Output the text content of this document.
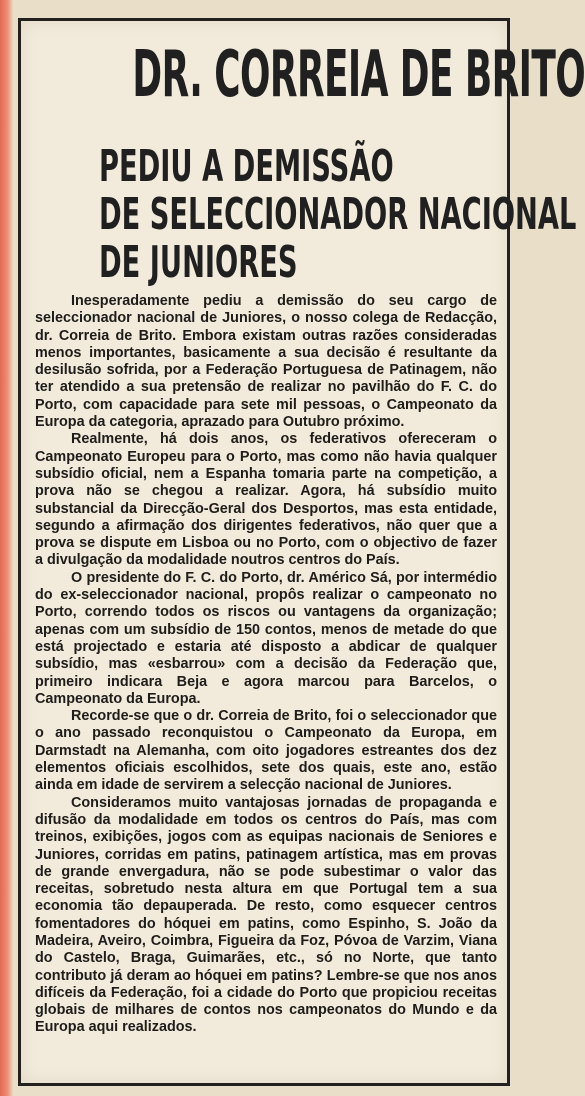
DR. CORREIA DE BRITO
PEDIU A DEMISSÃO
DE SELECCIONADOR NACIONAL
DE JUNIORES

Inesperadamente pediu a demissão do seu cargo de seleccionador nacional de Juniores, o nosso colega de Redacção, dr. Correia de Brito. Embora existam outras razões consideradas menos importantes, basicamente a sua decisão é resultante da desilusão sofrida, por a Federação Portuguesa de Patinagem, não ter atendido a sua pretensão de realizar no pavilhão do F. C. do Porto, com capacidade para sete mil pessoas, o Campeonato da Europa da categoria, aprazado para Outubro próximo.

Realmente, há dois anos, os federativos ofereceram o Campeonato Europeu para o Porto, mas como não havia qualquer subsídio oficial, nem a Espanha tomaria parte na competição, a prova não se chegou a realizar. Agora, há subsídio muito substancial da Direcção-Geral dos Desportos, mas esta entidade, segundo a afirmação dos dirigentes federativos, não quer que a prova se dispute em Lisboa ou no Porto, com o objectivo de fazer a divulgação da modalidade noutros centros do País.

O presidente do F. C. do Porto, dr. Américo Sá, por intermédio do ex-seleccionador nacional, propôs realizar o campeonato no Porto, correndo todos os riscos ou vantagens da organização; apenas com um subsídio de 150 contos, menos de metade do que está projectado e estaria até disposto a abdicar de qualquer subsídio, mas «esbarrou» com a decisão da Federação que, primeiro indicara Beja e agora marcou para Barcelos, o Campeonato da Europa.

Recorde-se que o dr. Correia de Brito, foi o seleccionador que o ano passado reconquistou o Campeonato da Europa, em Darmstadt na Alemanha, com oito jogadores estreantes dos dez elementos oficiais escolhidos, sete dos quais, este ano, estão ainda em idade de servirem a selecção nacional de Juniores.

Consideramos muito vantajosas jornadas de propaganda e difusão da modalidade em todos os centros do País, mas com treinos, exibições, jogos com as equipas nacionais de Seniores e Juniores, corridas em patins, patinagem artística, mas em provas de grande envergadura, não se pode subestimar o valor das receitas, sobretudo nesta altura em que Portugal tem a sua economia tão depauperada. De resto, como esquecer centros fomentadores do hóquei em patins, como Espinho, S. João da Madeira, Aveiro, Coimbra, Figueira da Foz, Póvoa de Varzim, Viana do Castelo, Braga, Guimarães, etc., só no Norte, que tanto contributo já deram ao hóquei em patins? Lembre-se que nos anos difíceis da Federação, foi a cidade do Porto que propiciou receitas globais de milhares de contos nos campeonatos do Mundo e da Europa aqui realizados.
